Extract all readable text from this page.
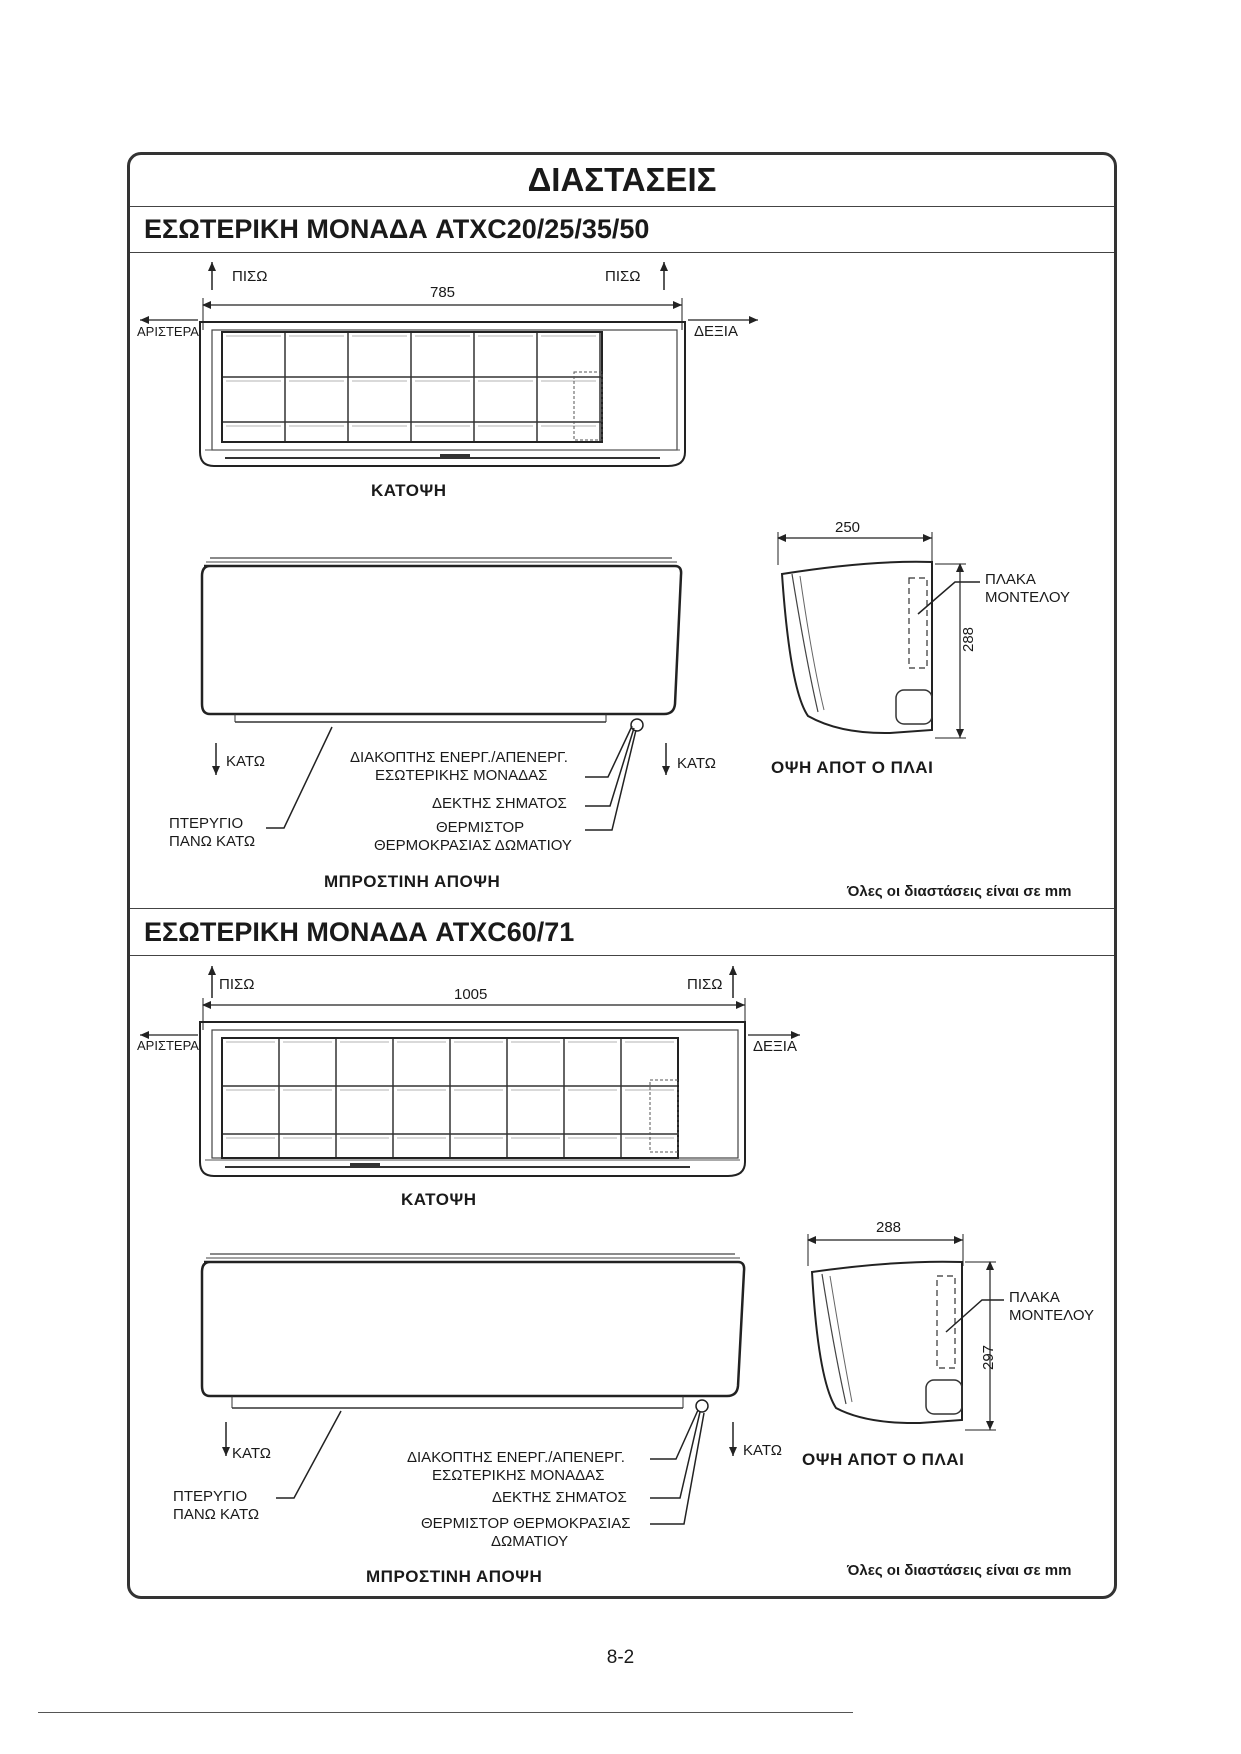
ΔΙΑΣΤΑΣΕΙΣ
ΕΣΩΤΕΡΙΚΗ ΜΟΝΑΔΑ ATXC20/25/35/50
ΕΣΩΤΕΡΙΚΗ ΜΟΝΑΔΑ ATXC60/71
ΠΙΣΩ	ΠΙΣΩ
785
ΑΡΙΣΤΕΡΑ	ΔΕΞΙΑ
ΚΑΤΟΨΗ
250
288
ΠΛΑΚΑ
ΜΟΝΤΕΛΟΥ
ΟΨΗ ΑΠΟΤ Ο ΠΛΑΙ
ΚΑΤΩ	ΚΑΤΩ
ΔΙΑΚΟΠΤΗΣ ΕΝΕΡΓ./ΑΠΕΝΕΡΓ.
ΕΣΩΤΕΡΙΚΗΣ ΜΟΝΑΔΑΣ
ΔΕΚΤΗΣ ΣΗΜΑΤΟΣ
ΘΕΡΜΙΣΤΟΡ
ΘΕΡΜΟΚΡΑΣΙΑΣ ΔΩΜΑΤΙΟΥ
ΠΤΕΡΥΓΙΟ
ΠΑΝΩ ΚΑΤΩ
ΜΠΡΟΣΤΙΝΗ ΑΠΟΨΗ
Όλες οι διαστάσεις είναι σε mm
ΠΙΣΩ	ΠΙΣΩ
1005
ΑΡΙΣΤΕΡΑ	ΔΕΞΙΑ
ΚΑΤΟΨΗ
288
297
ΠΛΑΚΑ
ΜΟΝΤΕΛΟΥ
ΟΨΗ ΑΠΟΤ Ο ΠΛΑΙ
ΚΑΤΩ	ΚΑΤΩ
ΔΙΑΚΟΠΤΗΣ ΕΝΕΡΓ./ΑΠΕΝΕΡΓ.
ΕΣΩΤΕΡΙΚΗΣ ΜΟΝΑΔΑΣ
ΔΕΚΤΗΣ ΣΗΜΑΤΟΣ
ΘΕΡΜΙΣΤΟΡ ΘΕΡΜΟΚΡΑΣΙΑΣ
ΔΩΜΑΤΙΟΥ
ΠΤΕΡΥΓΙΟ
ΠΑΝΩ ΚΑΤΩ
ΜΠΡΟΣΤΙΝΗ ΑΠΟΨΗ	Όλες οι διαστάσεις είναι σε mm
8-2
